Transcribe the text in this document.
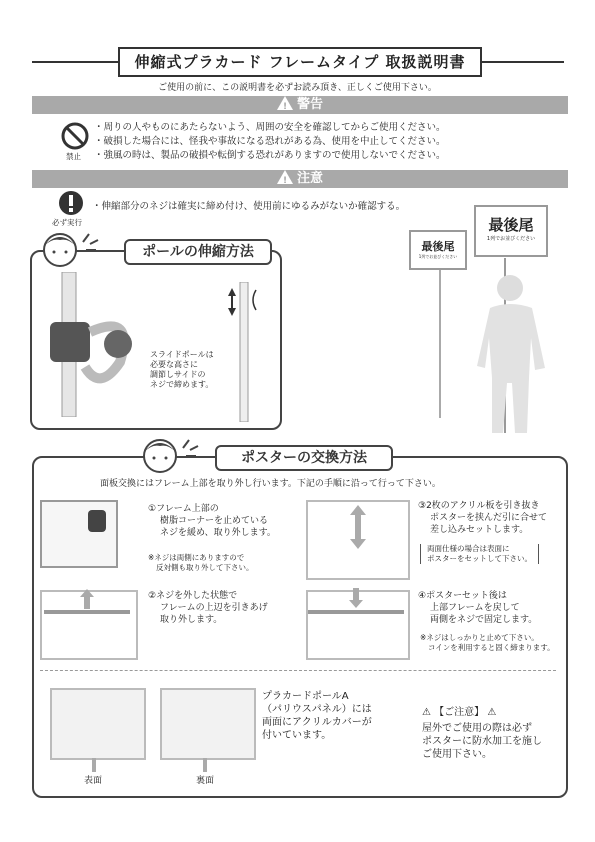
伸縮式プラカード フレームタイプ 取扱説明書
ご使用の前に、この説明書を必ずお読み頂き、正しくご使用下さい。
!警告
禁止
・周りの人やものにあたらないよう、周囲の安全を確認してからご使用ください。
・破損した場合には、怪我や事故になる恐れがある為、使用を中止してください。
・強風の時は、製品の破損や転倒する恐れがありますので使用しないでください。
!注意
必ず実行
・伸縮部分のネジは確実に締め付け、使用前にゆるみがないか確認する。
最後尾
1列でお並びください
最後尾
1列でお並びください
ポールの伸縮方法
スライドポールは
必要な高さに
調節しサイドの
ネジで締めます。
ポスターの交換方法
面板交換にはフレーム上部を取り外し行います。下記の手順に沿って行って下さい。
①フレーム上部の
樹脂コーナーを止めている
ネジを緩め、取り外します。
※ネジは両側にありますので
反対側も取り外して下さい。
③2枚のアクリル板を引き抜き
ポスターを挟んだ引に合せて
差し込みセットします。
両面仕様の場合は表面に
ポスターをセットして下さい。
②ネジを外した状態で
フレームの上辺を引きあげ
取り外します。
④ポスターセット後は
上部フレームを戻して
両側をネジで固定します。
※ネジはしっかりと止めて下さい。
コインを利用すると固く締まります。
表面	裏面
プラカードポールA
（パリウスパネル）には
両面にアクリルカバーが
付いています。
⚠ 【ご注意】 ⚠
屋外でご使用の際は必ず
ポスターに防水加工を施し
ご使用下さい。
